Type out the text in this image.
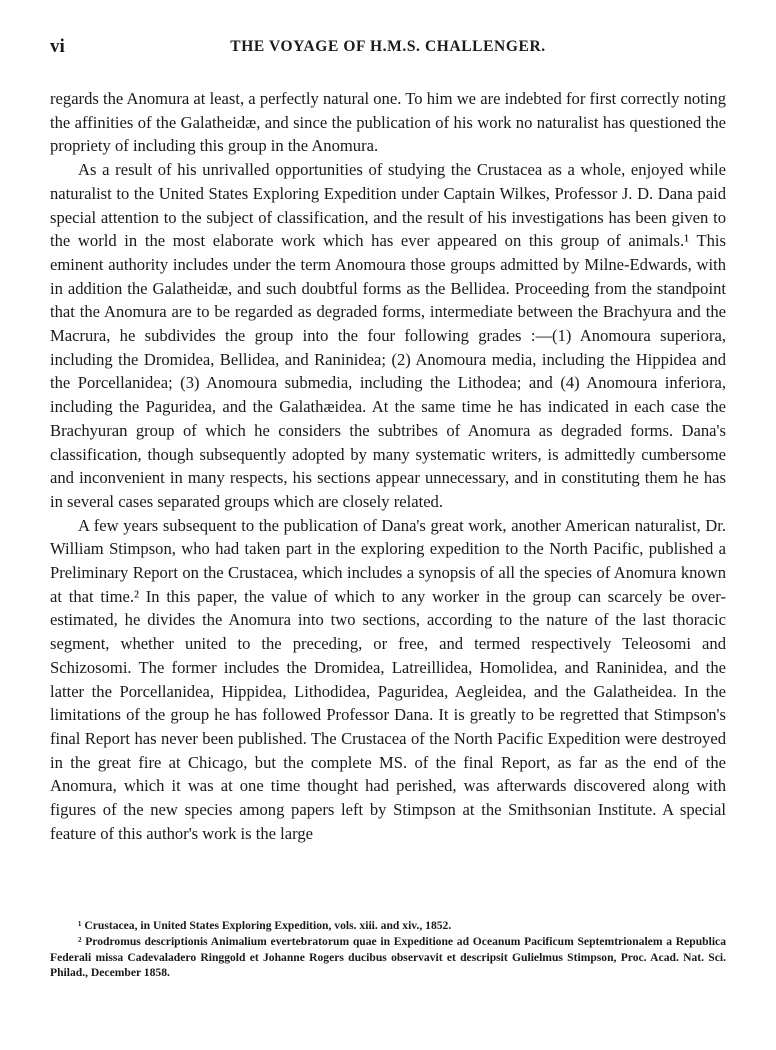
vi	THE VOYAGE OF H.M.S. CHALLENGER.

regards the Anomura at least, a perfectly natural one. To him we are indebted for first correctly noting the affinities of the Galatheidæ, and since the publication of his work no naturalist has questioned the propriety of including this group in the Anomura.

As a result of his unrivalled opportunities of studying the Crustacea as a whole, enjoyed while naturalist to the United States Exploring Expedition under Captain Wilkes, Professor J. D. Dana paid special attention to the subject of classification, and the result of his investigations has been given to the world in the most elaborate work which has ever appeared on this group of animals.¹ This eminent authority includes under the term Anomoura those groups admitted by Milne-Edwards, with in addition the Galatheidæ, and such doubtful forms as the Bellidea. Proceeding from the standpoint that the Anomura are to be regarded as degraded forms, intermediate between the Brachyura and the Macrura, he subdivides the group into the four following grades :—(1) Anomoura superiora, including the Dromidea, Bellidea, and Raninidea; (2) Anomoura media, including the Hippidea and the Porcellanidea; (3) Anomoura submedia, including the Lithodea; and (4) Anomoura inferiora, including the Paguridea, and the Galathæidea. At the same time he has indicated in each case the Brachyuran group of which he considers the subtribes of Anomura as degraded forms. Dana's classification, though subsequently adopted by many systematic writers, is admittedly cumbersome and inconvenient in many respects, his sections appear unnecessary, and in constituting them he has in several cases separated groups which are closely related.

A few years subsequent to the publication of Dana's great work, another American naturalist, Dr. William Stimpson, who had taken part in the exploring expedition to the North Pacific, published a Preliminary Report on the Crustacea, which includes a synopsis of all the species of Anomura known at that time.² In this paper, the value of which to any worker in the group can scarcely be over-estimated, he divides the Anomura into two sections, according to the nature of the last thoracic segment, whether united to the preceding, or free, and termed respectively Teleosomi and Schizosomi. The former includes the Dromidea, Latreillidea, Homolidea, and Raninidea, and the latter the Porcellanidea, Hippidea, Lithodidea, Paguridea, Aegleidea, and the Galatheidea. In the limitations of the group he has followed Professor Dana. It is greatly to be regretted that Stimpson's final Report has never been published. The Crustacea of the North Pacific Expedition were destroyed in the great fire at Chicago, but the complete MS. of the final Report, as far as the end of the Anomura, which it was at one time thought had perished, was afterwards discovered along with figures of the new species among papers left by Stimpson at the Smithsonian Institute. A special feature of this author's work is the large

¹ Crustacea, in United States Exploring Expedition, vols. xiii. and xiv., 1852.

² Prodromus descriptionis Animalium evertebratorum quae in Expeditione ad Oceanum Pacificum Septemtrionalem a Republica Federali missa Cadevaladero Ringgold et Johanne Rogers ducibus observavit et descripsit Gulielmus Stimpson, Proc. Acad. Nat. Sci. Philad., December 1858.
